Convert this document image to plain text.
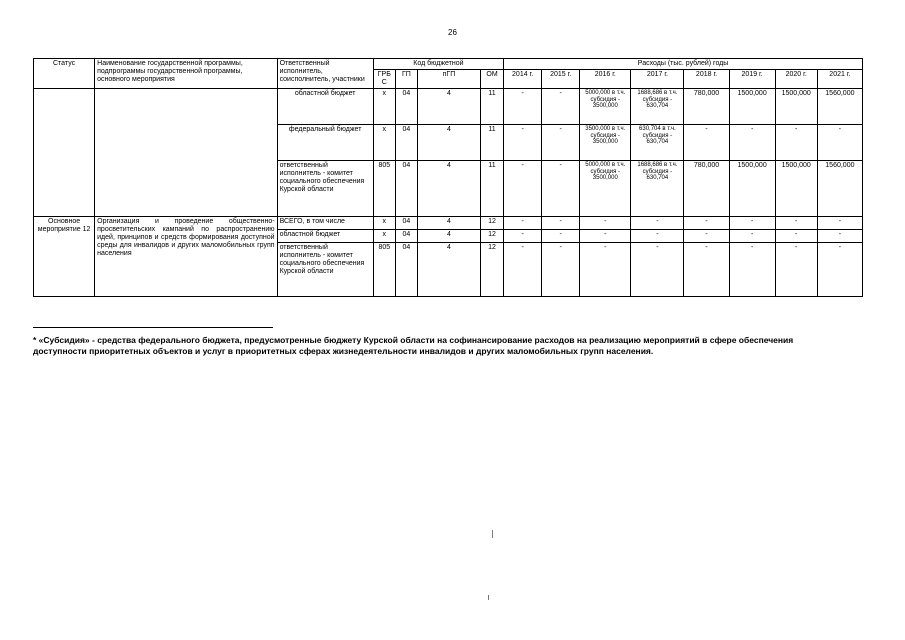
26
Статус	Наименование государственной программы, подпрограммы государственной программы, основного мероприятия	Ответственный исполнитель, соисполнитель, участники	Код бюджетной				Расходы (тыс. рублей) годы							
			ГРБ С	ГП	пГП	ОМ	2014 г.	2015 г.	2016 г.	2017 г.	2018 г.	2019 г.	2020 г.	2021 г.
		областной бюджет	х	04	4	11	-	-	5000,000 в т.ч. субсидия - 3500,000	1688,686 в т.ч. субсидия - 630,704	780,000	1500,000	1500,000	1560,000
		федеральный бюджет	х	04	4	11	-	-	3500,000 в т.ч. субсидия - 3500,000	630,704 в т.ч. субсидия - 630,704	-	-	-	-
		ответственный исполнитель - комитет социального обеспечения Курской области	805	04	4	11	-	-	5000,000 в т.ч. субсидия - 3500,000	1688,686 в т.ч. субсидия - 630,704	780,000	1500,000	1500,000	1560,000
Основное мероприятие 12	Организация и проведение общественно-просветительских кампаний по распространению идей, принципов и средств формирования доступной среды для инвалидов и других маломобильных групп населения	ВСЕГО, в том числе	х	04	4	12	-	-	-	-	-	-	-	-
		областной бюджет	х	04	4	12	-	-	-	-	-	-	-	-
		ответственный исполнитель - комитет социального обеспечения Курской области	805	04	4	12	-	-	-	-	-	-	-	-
* «Субсидия» - средства федерального бюджета, предусмотренные бюджету Курской области на софинансирование расходов на реализацию мероприятий в сфере обеспечения доступности приоритетных объектов и услуг в приоритетных сферах жизнедеятельности инвалидов и других маломобильных групп населения.
